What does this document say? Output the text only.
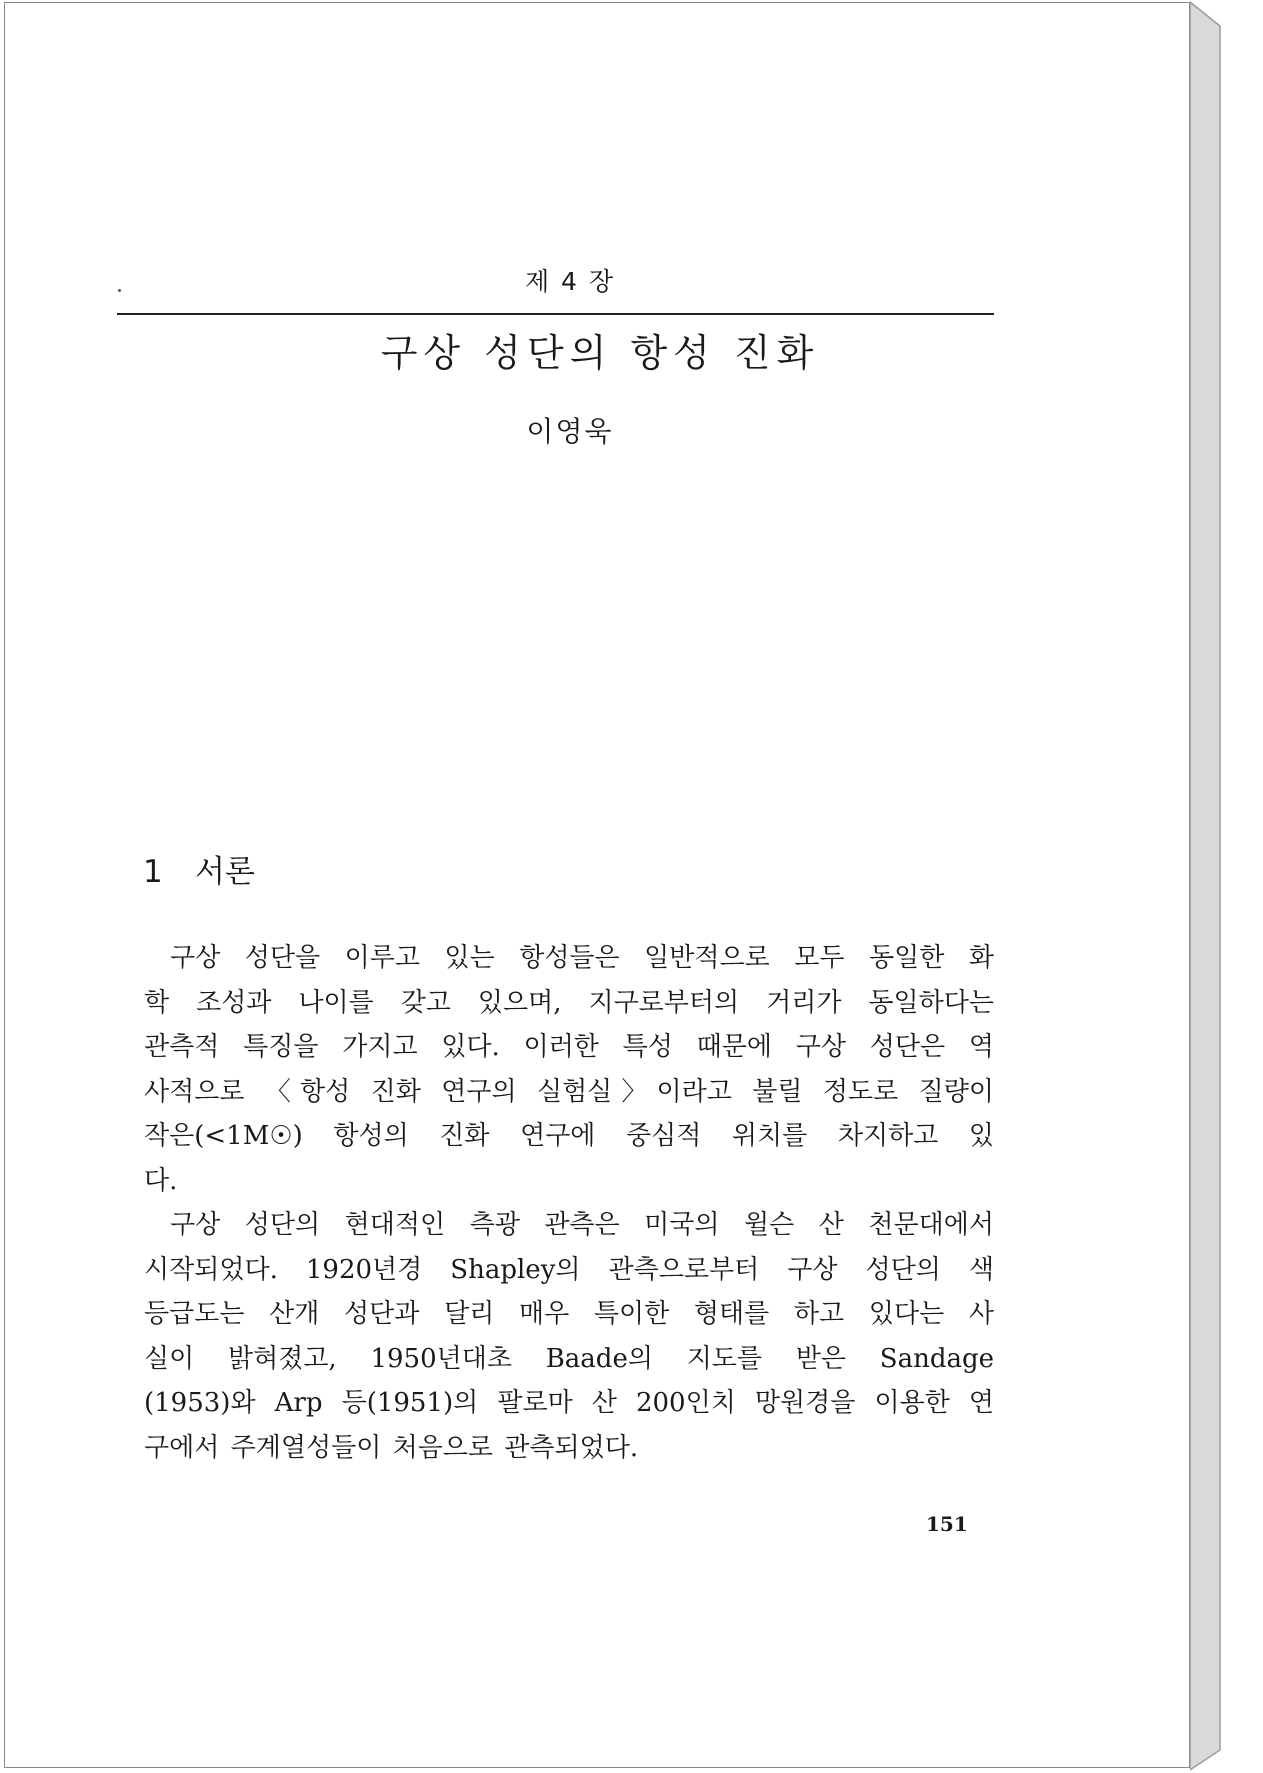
제 4 장
구상 성단의 항성 진화
이영욱
1 서론
구상 성단을 이루고 있는 항성들은 일반적으로 모두 동일한 화
학 조성과 나이를 갖고 있으며, 지구로부터의 거리가 동일하다는
관측적 특징을 가지고 있다. 이러한 특성 때문에 구상 성단은 역
사적으로 〈항성 진화 연구의 실험실〉이라고 불릴 정도로 질량이
작은(<1M☉) 항성의 진화 연구에 중심적 위치를 차지하고 있
다.
구상 성단의 현대적인 측광 관측은 미국의 윌슨 산 천문대에서
시작되었다. 1920년경 Shapley의 관측으로부터 구상 성단의 색
등급도는 산개 성단과 달리 매우 특이한 형태를 하고 있다는 사
실이 밝혀졌고, 1950년대초 Baade의 지도를 받은 Sandage
(1953)와 Arp 등(1951)의 팔로마 산 200인치 망원경을 이용한 연
구에서 주계열성들이 처음으로 관측되었다.
151
